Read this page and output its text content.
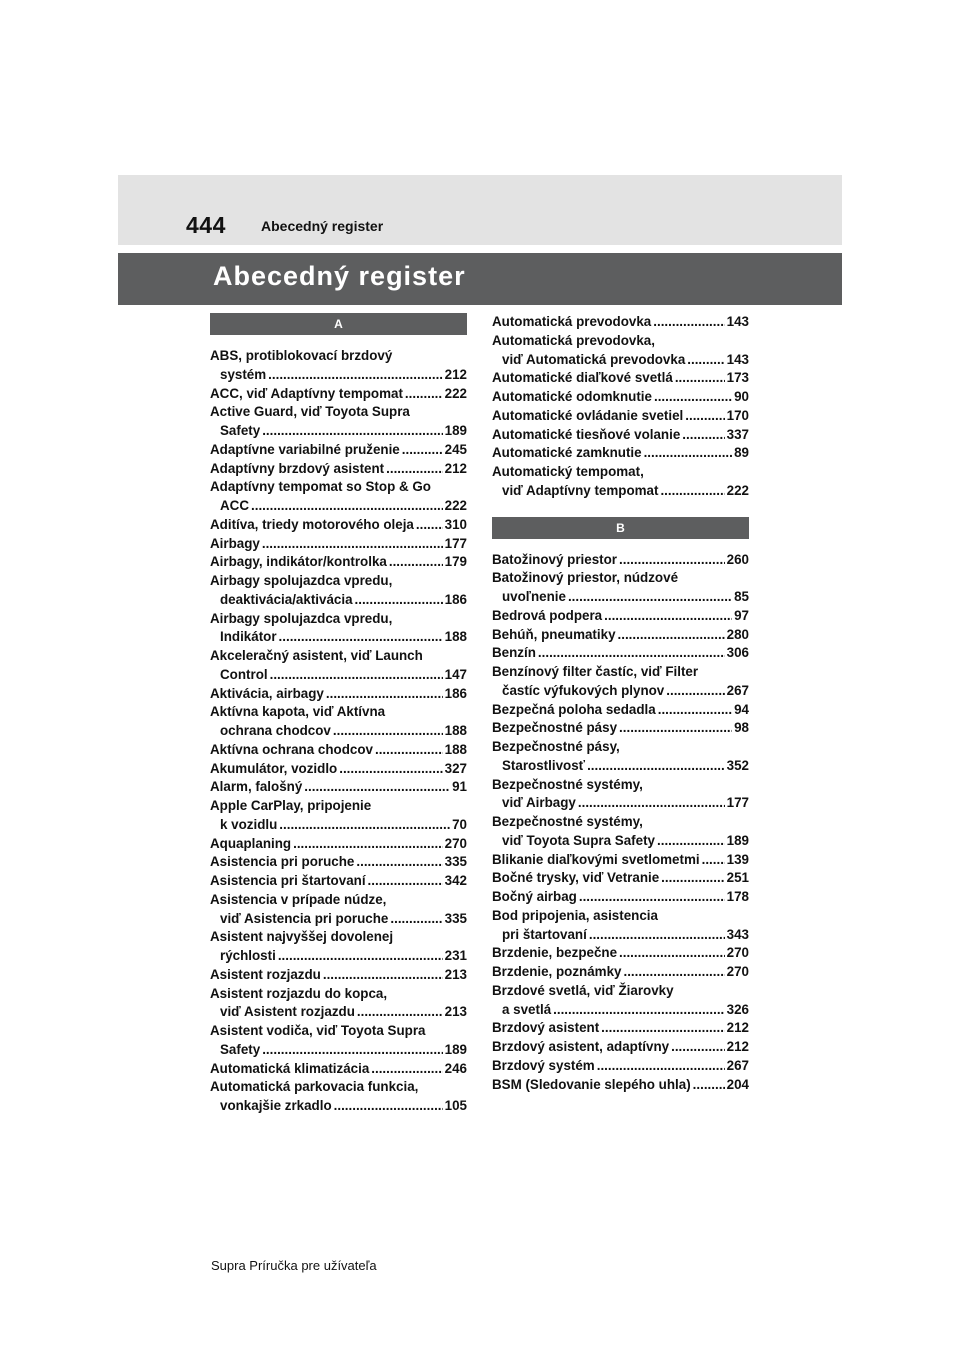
444	Abecedný register
Abecedný register
A
ABS, protiblokovací brzdový
systém .....	212
ACC, viď Adaptívny tempomat .....	222
Active Guard, viď Toyota Supra
Safety .....	189
Adaptívne variabilné pruženie .....	245
Adaptívny brzdový asistent .....	212
Adaptívny tempomat so Stop & Go
ACC .....	222
Aditíva, triedy motorového oleja ..... 310
Airbagy .....	177
Airbagy, indikátor/kontrolka .....	179
Airbagy spolujazdca vpredu,
deaktivácia/aktivácia .....	186
Airbagy spolujazdca vpredu,
Indikátor .....	188
Akceleračný asistent, viď Launch
Control .....	147
Aktivácia, airbagy .....	186
Aktívna kapota, viď Aktívna
ochrana chodcov .....	188
Aktívna ochrana chodcov .....	188
Akumulátor, vozidlo .....	327
Alarm, falošný .....	91
Apple CarPlay, pripojenie
k vozidlu .....	70
Aquaplaning .....	270
Asistencia pri poruche .....	335
Asistencia pri štartovaní .....	342
Asistencia v prípade núdze,
viď Asistencia pri poruche .....	335
Asistent najvyššej dovolenej
rýchlosti .....	231
Asistent rozjazdu .....	213
Asistent rozjazdu do kopca,
viď Asistent rozjazdu .....	213
Asistent vodiča, viď Toyota Supra
Safety .....	189
Automatická klimatizácia .....	246
Automatická parkovacia funkcia,
vonkajšie zrkadlo .....	105
Automatická prevodovka .....	143
Automatická prevodovka,
viď Automatická prevodovka .....	143
Automatické diaľkové svetlá .....	173
Automatické odomknutie .....	90
Automatické ovládanie svetiel .....	170
Automatické tiesňové volanie .....	337
Automatické zamknutie .....	89
Automatický tempomat,
viď Adaptívny tempomat .....	222
B
Batožinový priestor .....	260
Batožinový priestor, núdzové
uvoľnenie .....	85
Bedrová podpera .....	97
Behúň, pneumatiky .....	280
Benzín .....	306
Benzínový filter častíc, viď Filter
častíc výfukových plynov .....	267
Bezpečná poloha sedadla .....	94
Bezpečnostné pásy .....	98
Bezpečnostné pásy,
Starostlivosť .....	352
Bezpečnostné systémy,
viď Airbagy .....	177
Bezpečnostné systémy,
viď Toyota Supra Safety .....	189
Blikanie diaľkovými svetlometmi ..... 139
Bočné trysky, viď Vetranie .....	251
Bočný airbag .....	178
Bod pripojenia, asistencia
pri štartovaní .....	343
Brzdenie, bezpečne .....	270
Brzdenie, poznámky .....	270
Brzdové svetlá, viď Žiarovky
a svetlá .....	326
Brzdový asistent .....	212
Brzdový asistent, adaptívny .....	212
Brzdový systém .....	267
BSM (Sledovanie slepého uhla) .....	204
Supra Príručka pre užívateľa
